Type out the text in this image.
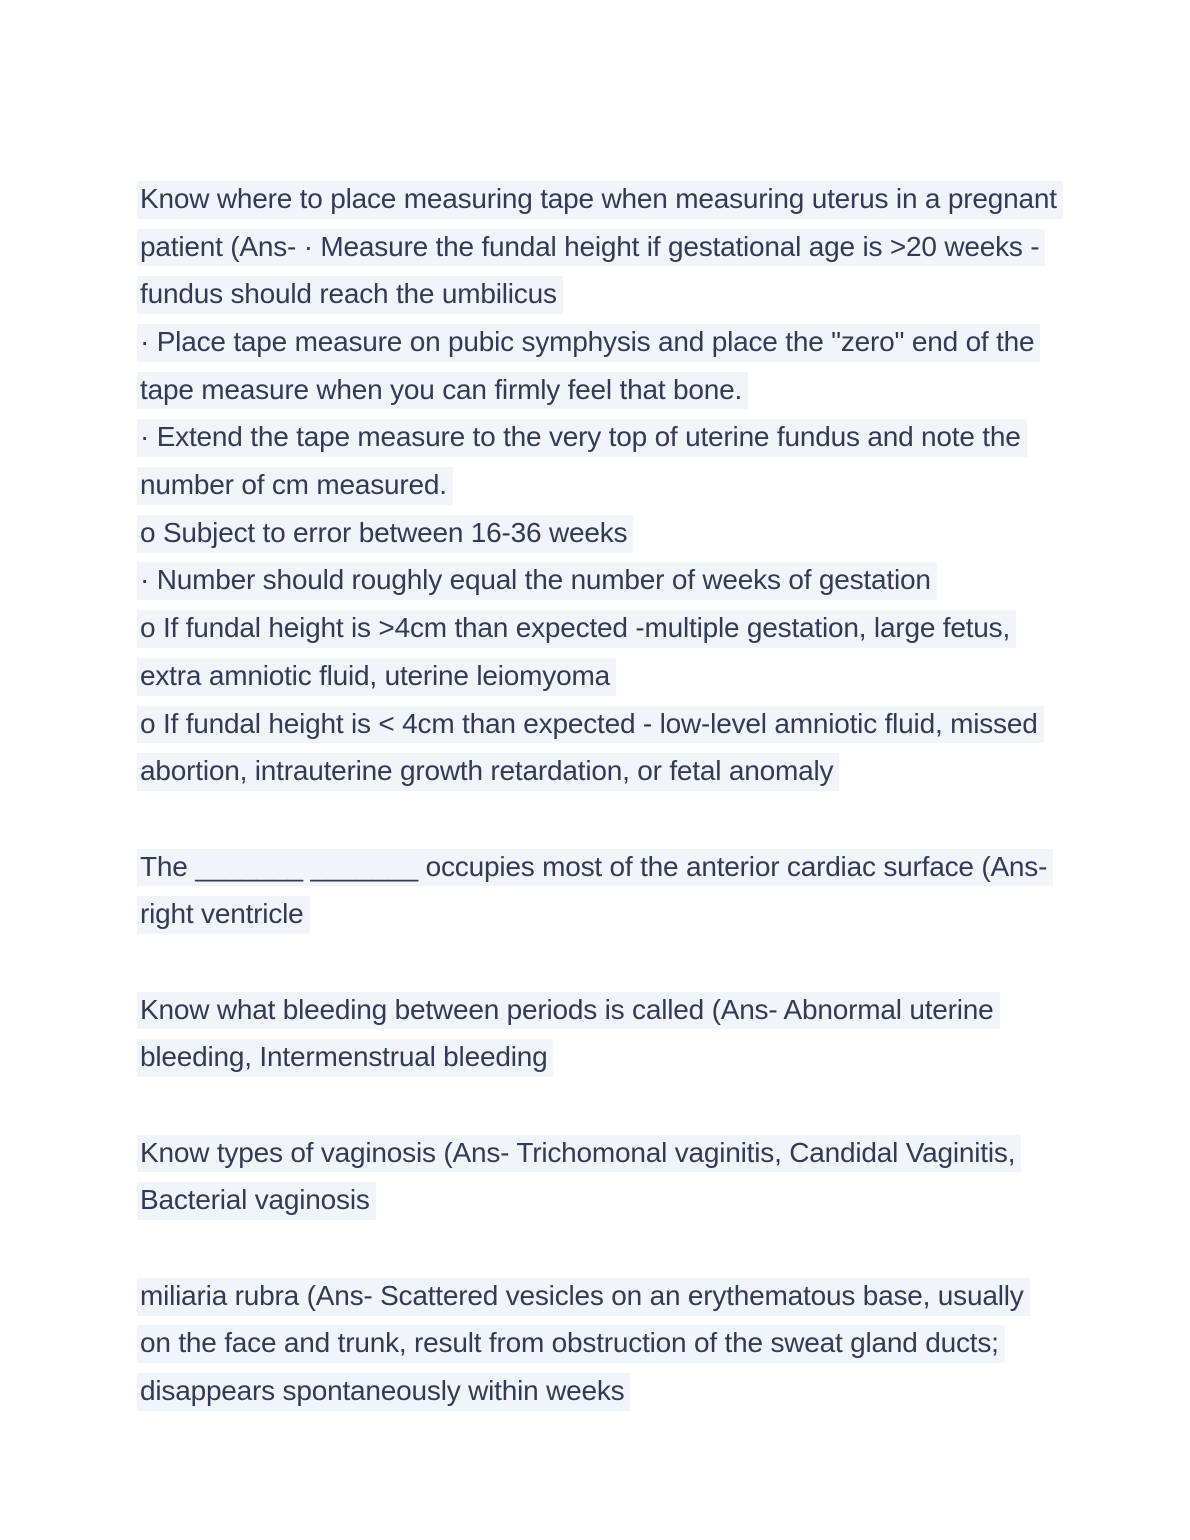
Know where to place measuring tape when measuring uterus in a pregnant
patient (Ans- · Measure the fundal height if gestational age is >20 weeks -
fundus should reach the umbilicus
· Place tape measure on pubic symphysis and place the "zero" end of the
tape measure when you can firmly feel that bone.
· Extend the tape measure to the very top of uterine fundus and note the
number of cm measured.
o Subject to error between 16-36 weeks
· Number should roughly equal the number of weeks of gestation
o If fundal height is >4cm than expected -multiple gestation, large fetus,
extra amniotic fluid, uterine leiomyoma
o If fundal height is < 4cm than expected - low-level amniotic fluid, missed
abortion, intrauterine growth retardation, or fetal anomaly
The _______ _______ occupies most of the anterior cardiac surface (Ans-
right ventricle
Know what bleeding between periods is called (Ans- Abnormal uterine
bleeding, Intermenstrual bleeding
Know types of vaginosis (Ans- Trichomonal vaginitis, Candidal Vaginitis,
Bacterial vaginosis
miliaria rubra (Ans- Scattered vesicles on an erythematous base, usually
on the face and trunk, result from obstruction of the sweat gland ducts;
disappears spontaneously within weeks
